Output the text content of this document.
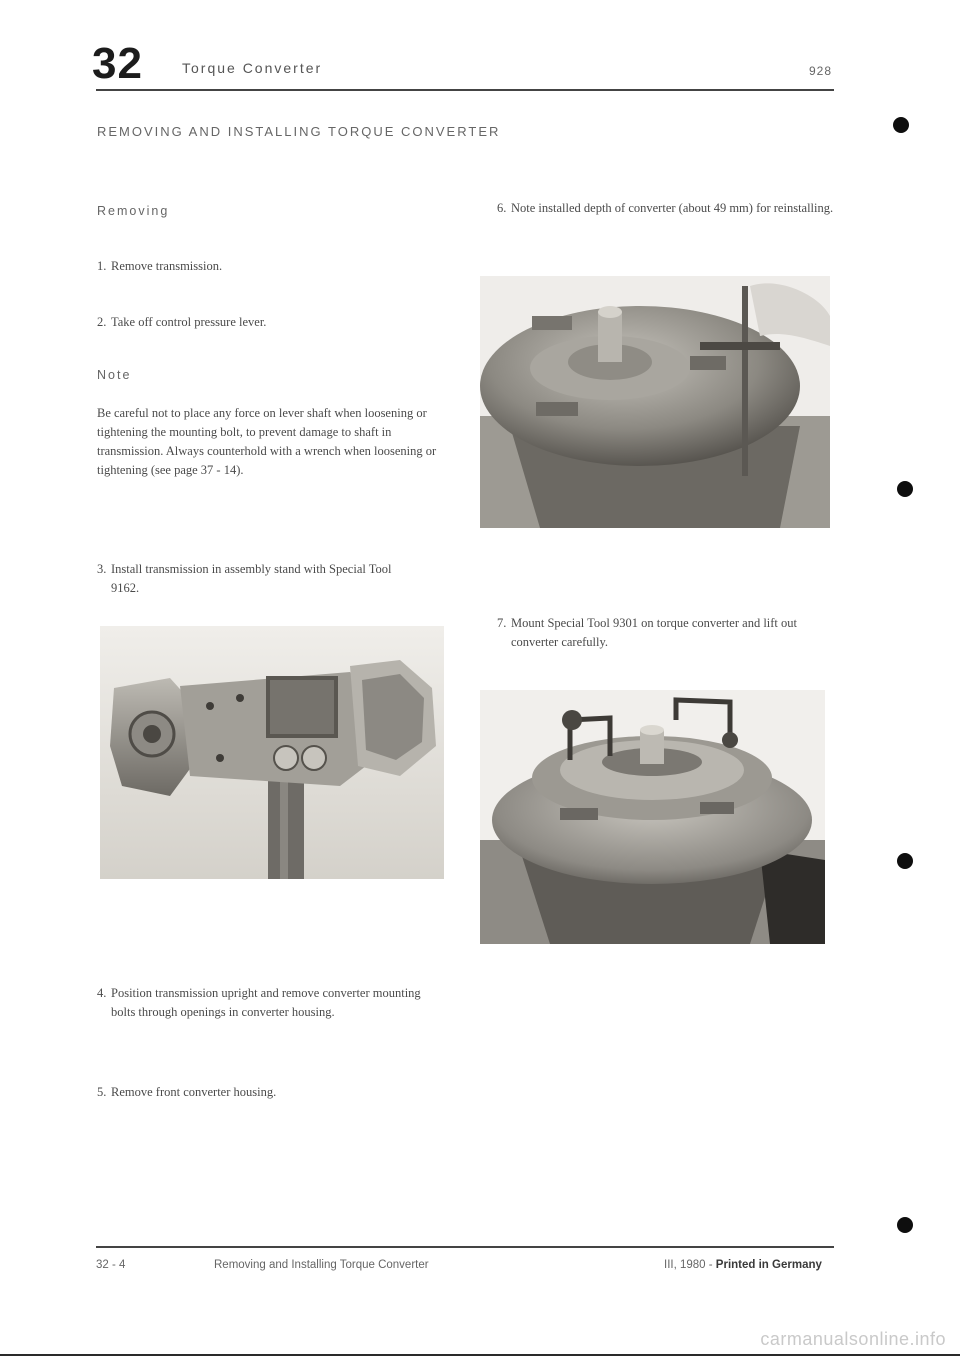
32	Torque Converter	928
REMOVING AND INSTALLING TORQUE CONVERTER
Removing
1. Remove transmission.
2. Take off control pressure lever.
Note
Be careful not to place any force on lever shaft when loosening or tightening the mounting bolt, to prevent damage to shaft in transmission. Always counterhold with a wrench when loosening or tightening (see page 37 - 14).
3. Install transmission in assembly stand with Special Tool 9162.
4. Position transmission upright and remove converter mounting bolts through openings in converter housing.
5. Remove front converter housing.
6. Note installed depth of converter (about 49 mm) for reinstalling.
7. Mount Special Tool 9301 on torque converter and lift out converter carefully.
32 - 4	Removing and Installing Torque Converter	III, 1980 - Printed in Germany
carmanualsonline.info
